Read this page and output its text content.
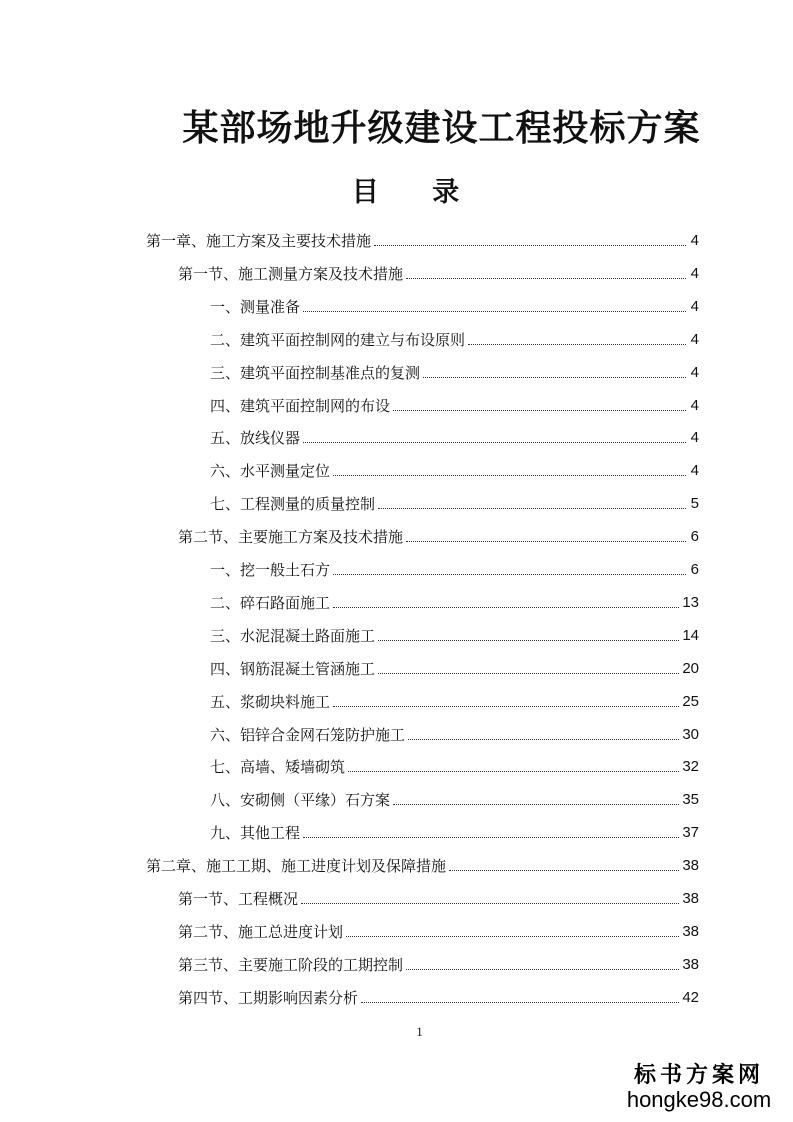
某部场地升级建设工程投标方案
目 录
第一章、施工方案及主要技术措施	4
第一节、施工测量方案及技术措施	4
一、测量准备	4
二、建筑平面控制网的建立与布设原则	4
三、建筑平面控制基准点的复测	4
四、建筑平面控制网的布设	4
五、放线仪器	4
六、水平测量定位	4
七、工程测量的质量控制	5
第二节、主要施工方案及技术措施	6
一、挖一般土石方	6
二、碎石路面施工	13
三、水泥混凝土路面施工	14
四、钢筋混凝土管涵施工	20
五、浆砌块料施工	25
六、铝锌合金网石笼防护施工	30
七、高墙、矮墙砌筑	32
八、安砌侧（平缘）石方案	35
九、其他工程	37
第二章、施工工期、施工进度计划及保障措施	38
第一节、工程概况	38
第二节、施工总进度计划	38
第三节、主要施工阶段的工期控制	38
第四节、工期影响因素分析	42
1
标书方案网
hongke98.com
